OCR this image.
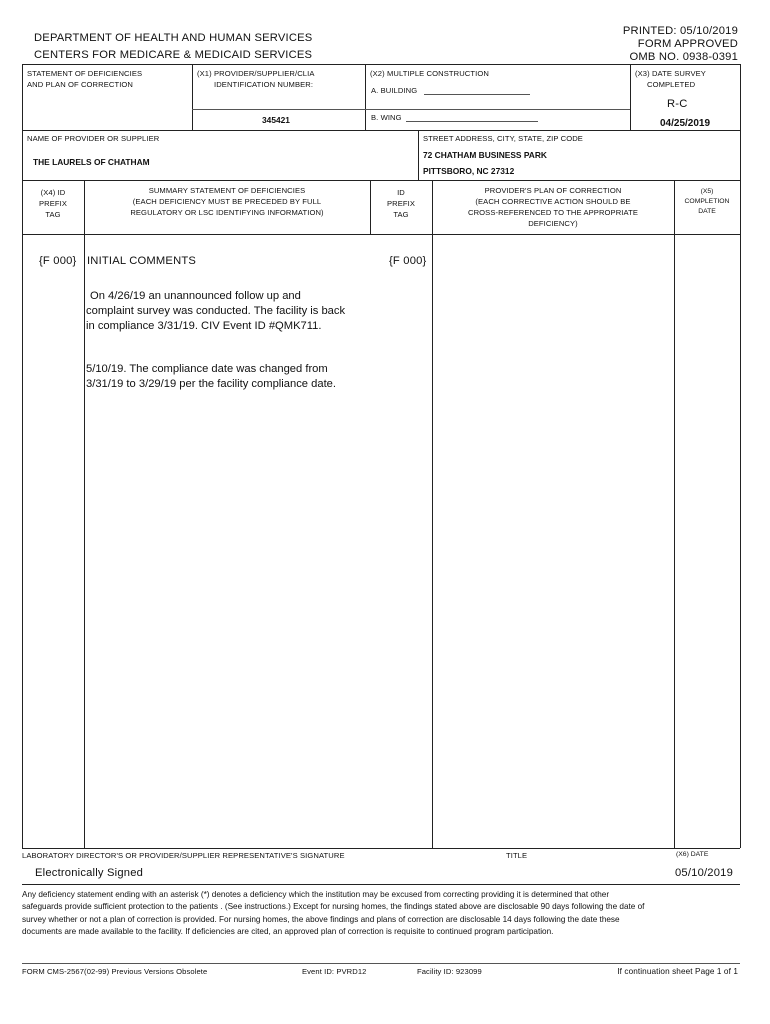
DEPARTMENT OF HEALTH AND HUMAN SERVICES
CENTERS FOR MEDICARE & MEDICAID SERVICES
PRINTED: 05/10/2019
FORM APPROVED
OMB NO. 0938-0391
STATEMENT OF DEFICIENCIES
AND PLAN OF CORRECTION
(X1) PROVIDER/SUPPLIER/CLIA
IDENTIFICATION NUMBER:
345421
(X2) MULTIPLE CONSTRUCTION
A. BUILDING
B. WING
(X3) DATE SURVEY
COMPLETED
R-C
04/25/2019
NAME OF PROVIDER OR SUPPLIER
THE LAURELS OF CHATHAM
STREET ADDRESS, CITY, STATE, ZIP CODE
72 CHATHAM BUSINESS PARK
PITTSBORO, NC 27312
(X4) ID
PREFIX
TAG
SUMMARY STATEMENT OF DEFICIENCIES
(EACH DEFICIENCY MUST BE PRECEDED BY FULL
REGULATORY OR LSC IDENTIFYING INFORMATION)
ID
PREFIX
TAG
PROVIDER'S PLAN OF CORRECTION
(EACH CORRECTIVE ACTION SHOULD BE
CROSS-REFERENCED TO THE APPROPRIATE
DEFICIENCY)
(X5)
COMPLETION
DATE
{F 000} INITIAL COMMENTS	{F 000}
On 4/26/19 an unannounced follow up and complaint survey was conducted. The facility is back in compliance 3/31/19. CIV Event ID #QMK711.
5/10/19. The compliance date was changed from 3/31/19 to 3/29/19 per the facility compliance date.
LABORATORY DIRECTOR'S OR PROVIDER/SUPPLIER REPRESENTATIVE'S SIGNATURE	TITLE	(X6) DATE
Electronically Signed	05/10/2019
Any deficiency statement ending with an asterisk (*) denotes a deficiency which the institution may be excused from correcting providing it is determined that other safeguards provide sufficient protection to the patients . (See instructions.) Except for nursing homes, the findings stated above are disclosable 90 days following the date of survey whether or not a plan of correction is provided. For nursing homes, the above findings and plans of correction are disclosable 14 days following the date these documents are made available to the facility. If deficiencies are cited, an approved plan of correction is requisite to continued program participation.
FORM CMS-2567(02-99) Previous Versions Obsolete	Event ID: PVRD12	Facility ID: 923099	If continuation sheet Page 1 of 1
